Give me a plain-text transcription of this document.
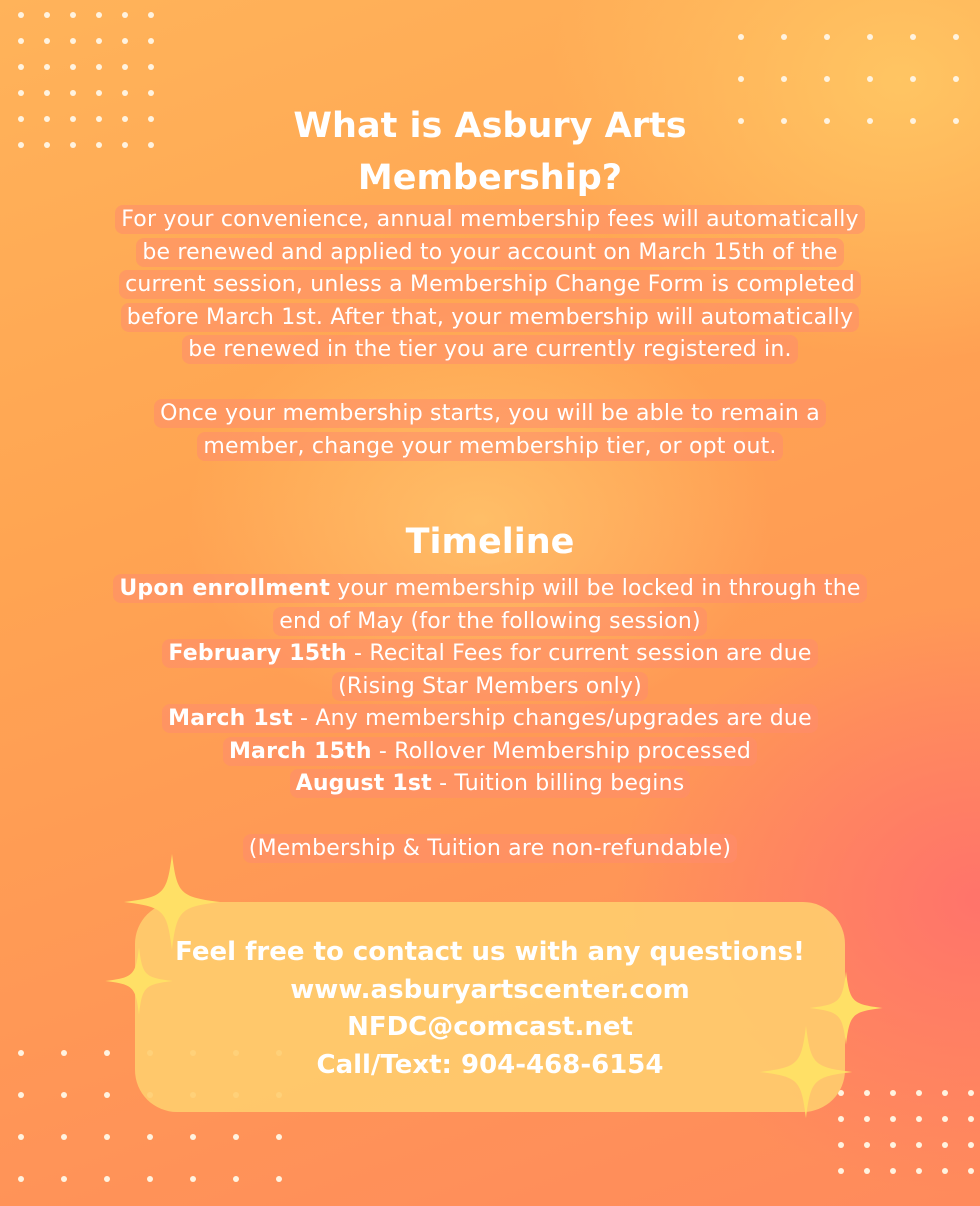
What is Asbury Arts
Membership?
For your convenience, annual membership fees will automatically
be renewed and applied to your account on March 15th of the
current session, unless a Membership Change Form is completed
before March 1st. After that, your membership will automatically
be renewed in the tier you are currently registered in.
Once your membership starts, you will be able to remain a
member, change your membership tier, or opt out.
Timeline
Upon enrollment your membership will be locked in through the
end of May (for the following session)
February 15th - Recital Fees for current session are due
(Rising Star Members only)
March 1st - Any membership changes/upgrades are due
March 15th - Rollover Membership processed
August 1st - Tuition billing begins
(Membership & Tuition are non-refundable)
Feel free to contact us with any questions!
www.asburyartscenter.com
NFDC@comcast.net
Call/Text: 904-468-6154
